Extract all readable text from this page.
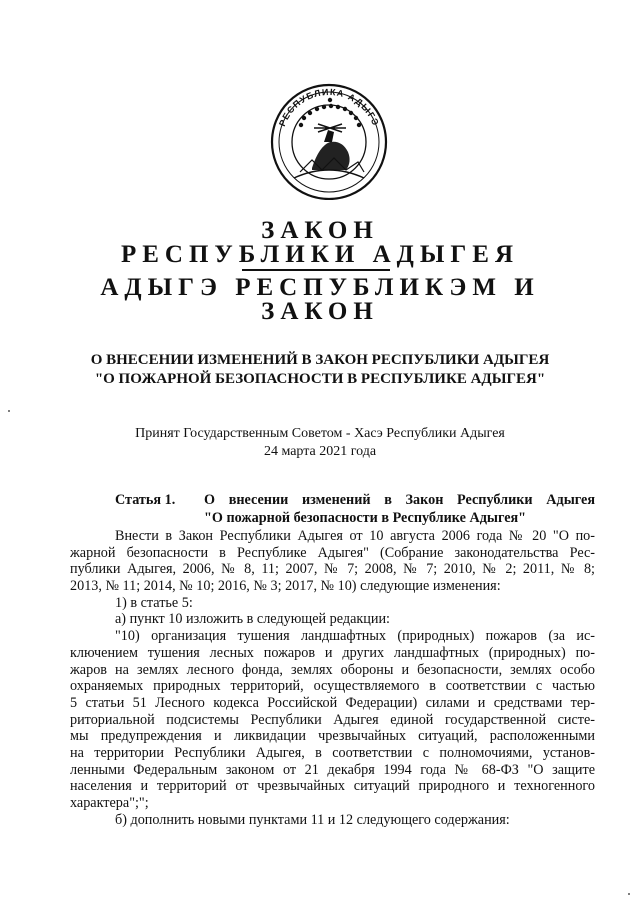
РЕСПУБЛИКА АДЫГЭ
ЗАКОН
РЕСПУБЛИКИ АДЫГЕЯ
АДЫГЭ РЕСПУБЛИКЭМ И
ЗАКОН
О ВНЕСЕНИИ ИЗМЕНЕНИЙ В ЗАКОН РЕСПУБЛИКИ АДЫГЕЯ
"О ПОЖАРНОЙ БЕЗОПАСНОСТИ В РЕСПУБЛИКЕ АДЫГЕЯ"
Принят Государственным Советом - Хасэ Республики Адыгея
24 марта 2021 года
Статья 1. О внесении изменений в Закон Республики Адыгея
"О пожарной безопасности в Республике Адыгея"
Внести в Закон Республики Адыгея от 10 августа 2006 года № 20 "О по-
жарной безопасности в Республике Адыгея" (Собрание законодательства Рес-
публики Адыгея, 2006, № 8, 11; 2007, № 7; 2008, № 7; 2010, № 2; 2011, № 8;
2013, № 11; 2014, № 10; 2016, № 3; 2017, № 10) следующие изменения:
1) в статье 5:
а) пункт 10 изложить в следующей редакции:
"10) организация тушения ландшафтных (природных) пожаров (за ис-
ключением тушения лесных пожаров и других ландшафтных (природных) по-
жаров на землях лесного фонда, землях обороны и безопасности, землях особо
охраняемых природных территорий, осуществляемого в соответствии с частью
5 статьи 51 Лесного кодекса Российской Федерации) силами и средствами тер-
риториальной подсистемы Республики Адыгея единой государственной систе-
мы предупреждения и ликвидации чрезвычайных ситуаций, расположенными
на территории Республики Адыгея, в соответствии с полномочиями, установ-
ленными Федеральным законом от 21 декабря 1994 года № 68-ФЗ "О защите
населения и территорий от чрезвычайных ситуаций природного и техногенного
характера";";
б) дополнить новыми пунктами 11 и 12 следующего содержания:
